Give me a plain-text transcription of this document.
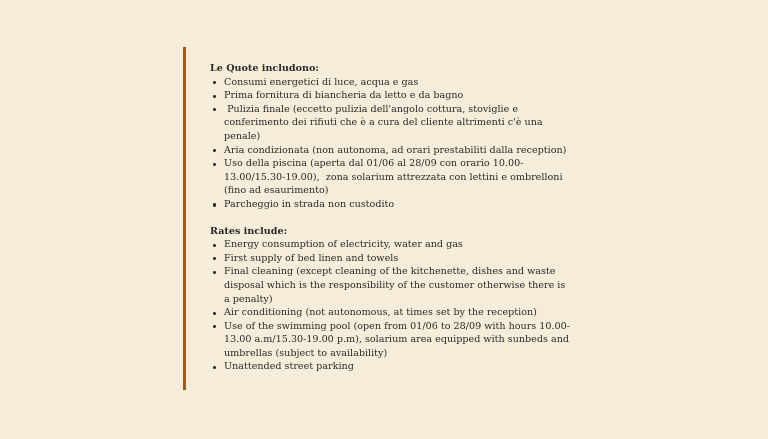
Le Quote includono:

Consumi energetici di luce, acqua e gas
Prima fornitura di biancheria da letto e da bagno
Pulizia finale (eccetto pulizia dell'angolo cottura, stoviglie e conferimento dei rifiuti che è a cura del cliente altrimenti c'è una penale)
Aria condizionata (non autonoma, ad orari prestabiliti dalla reception)
Uso della piscina (aperta dal 01/06 al 28/09 con orario 10.00-13.00/15.30-19.00),  zona solarium attrezzata con lettini e ombrelloni (fino ad esaurimento)
Parcheggio in strada non custodito

Rates include:

Energy consumption of electricity, water and gas
First supply of bed linen and towels
Final cleaning (except cleaning of the kitchenette, dishes and waste disposal which is the responsibility of the customer otherwise there is a penalty)
Air conditioning (not autonomous, at times set by the reception)
Use of the swimming pool (open from 01/06 to 28/09 with hours 10.00-13.00 a.m/15.30-19.00 p.m), solarium area equipped with sunbeds and umbrellas (subject to availability)
Unattended street parking
